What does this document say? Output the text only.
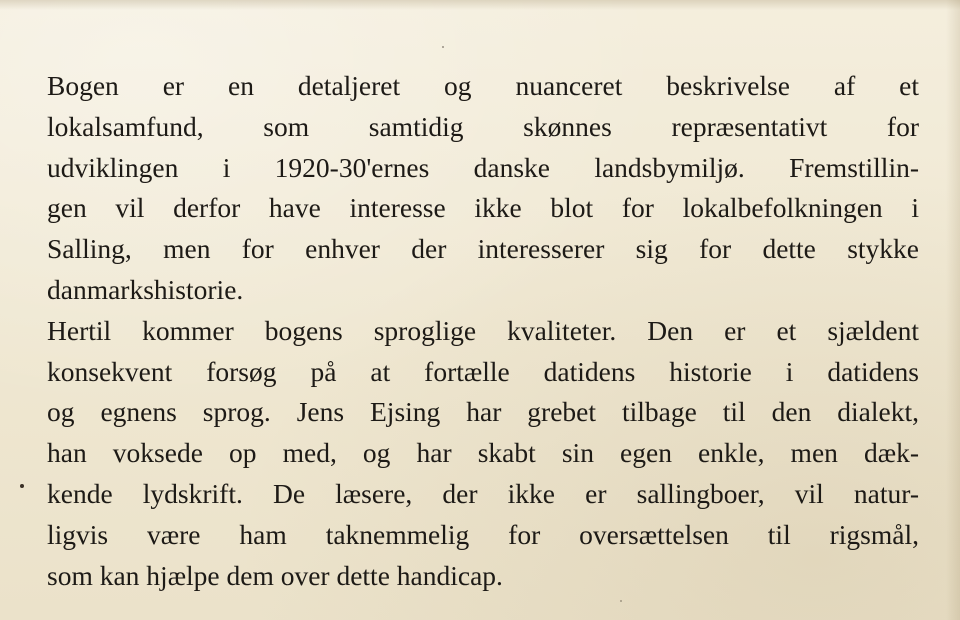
Bogen er en detaljeret og nuanceret beskrivelse af et
lokalsamfund, som samtidig skønnes repræsentativt for
udviklingen i 1920-30'ernes danske landsbymiljø. Fremstillin-
gen vil derfor have interesse ikke blot for lokalbefolkningen i
Salling, men for enhver der interesserer sig for dette stykke
danmarkshistorie.
Hertil kommer bogens sproglige kvaliteter. Den er et sjældent
konsekvent forsøg på at fortælle datidens historie i datidens
og egnens sprog. Jens Ejsing har grebet tilbage til den dialekt,
han voksede op med, og har skabt sin egen enkle, men dæk-
kende lydskrift. De læsere, der ikke er sallingboer, vil natur-
ligvis være ham taknemmelig for oversættelsen til rigsmål,
som kan hjælpe dem over dette handicap.
